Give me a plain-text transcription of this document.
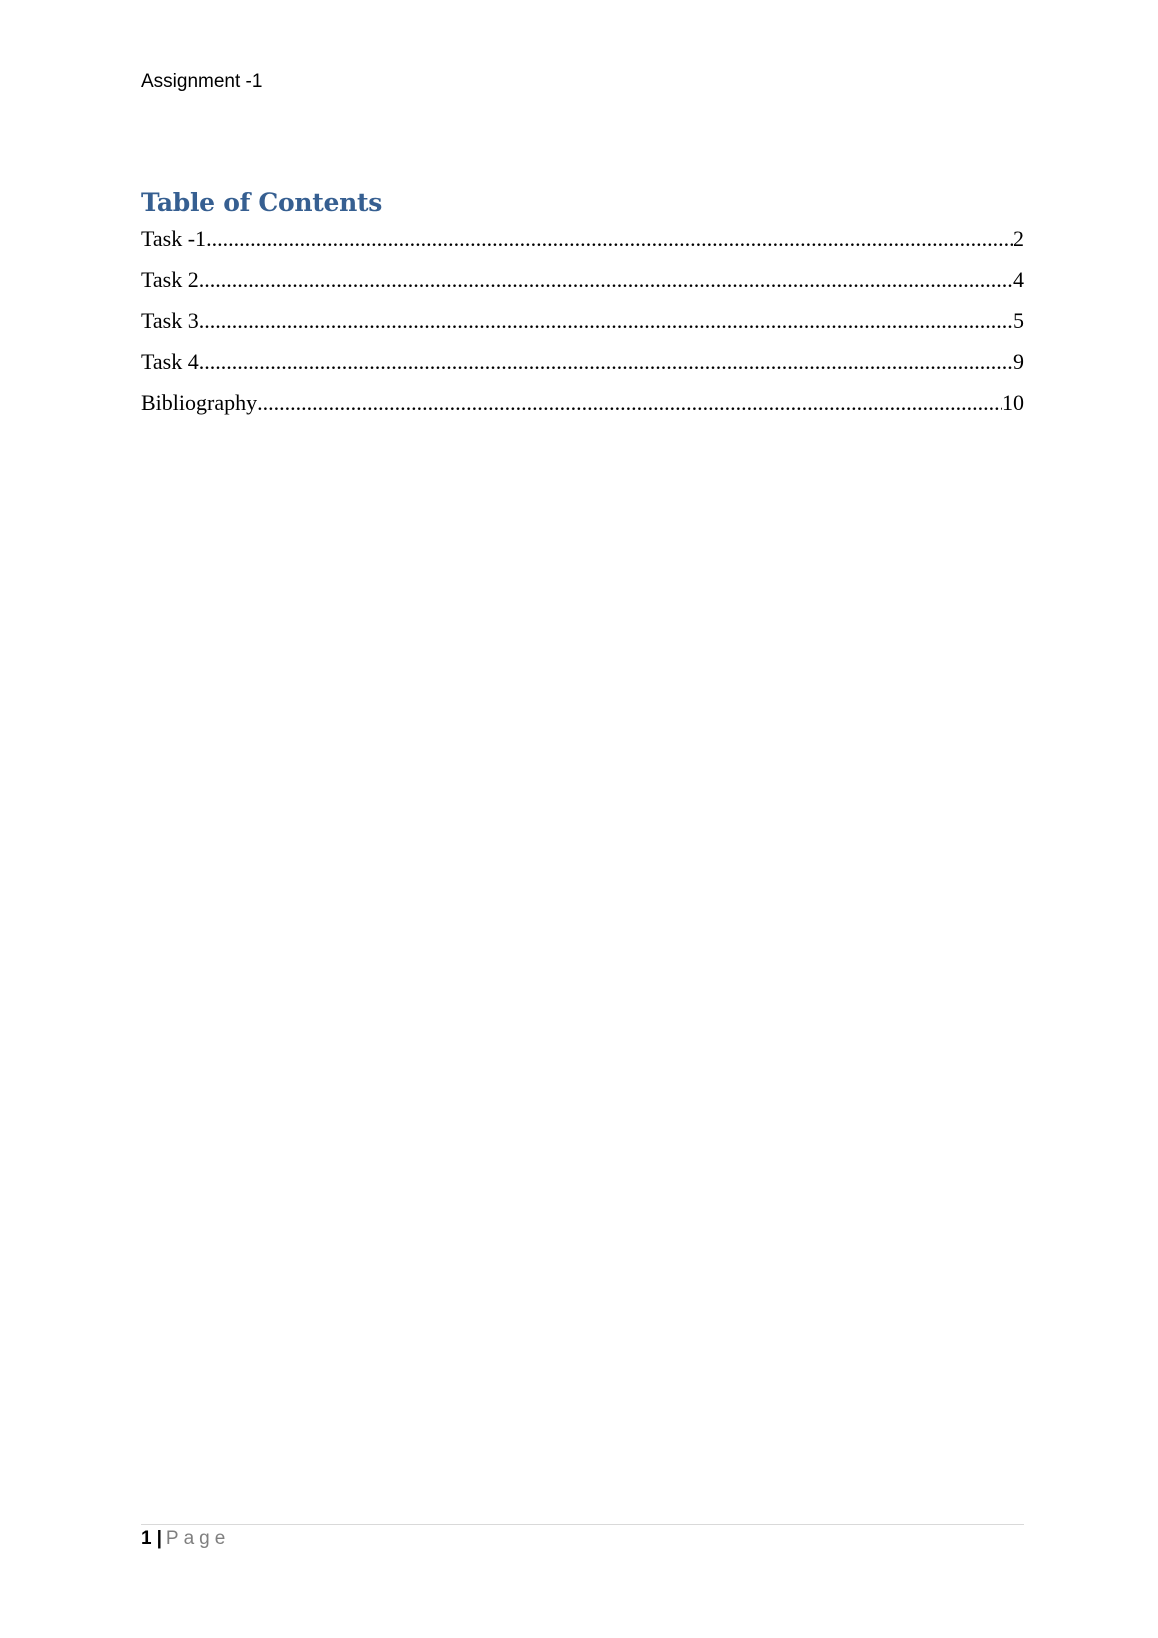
Assignment -1
Table of Contents
Task -1 .....	2
Task 2 .....	4
Task 3 .....	5
Task 4 .....	9
Bibliography .....	10
1 | Page
